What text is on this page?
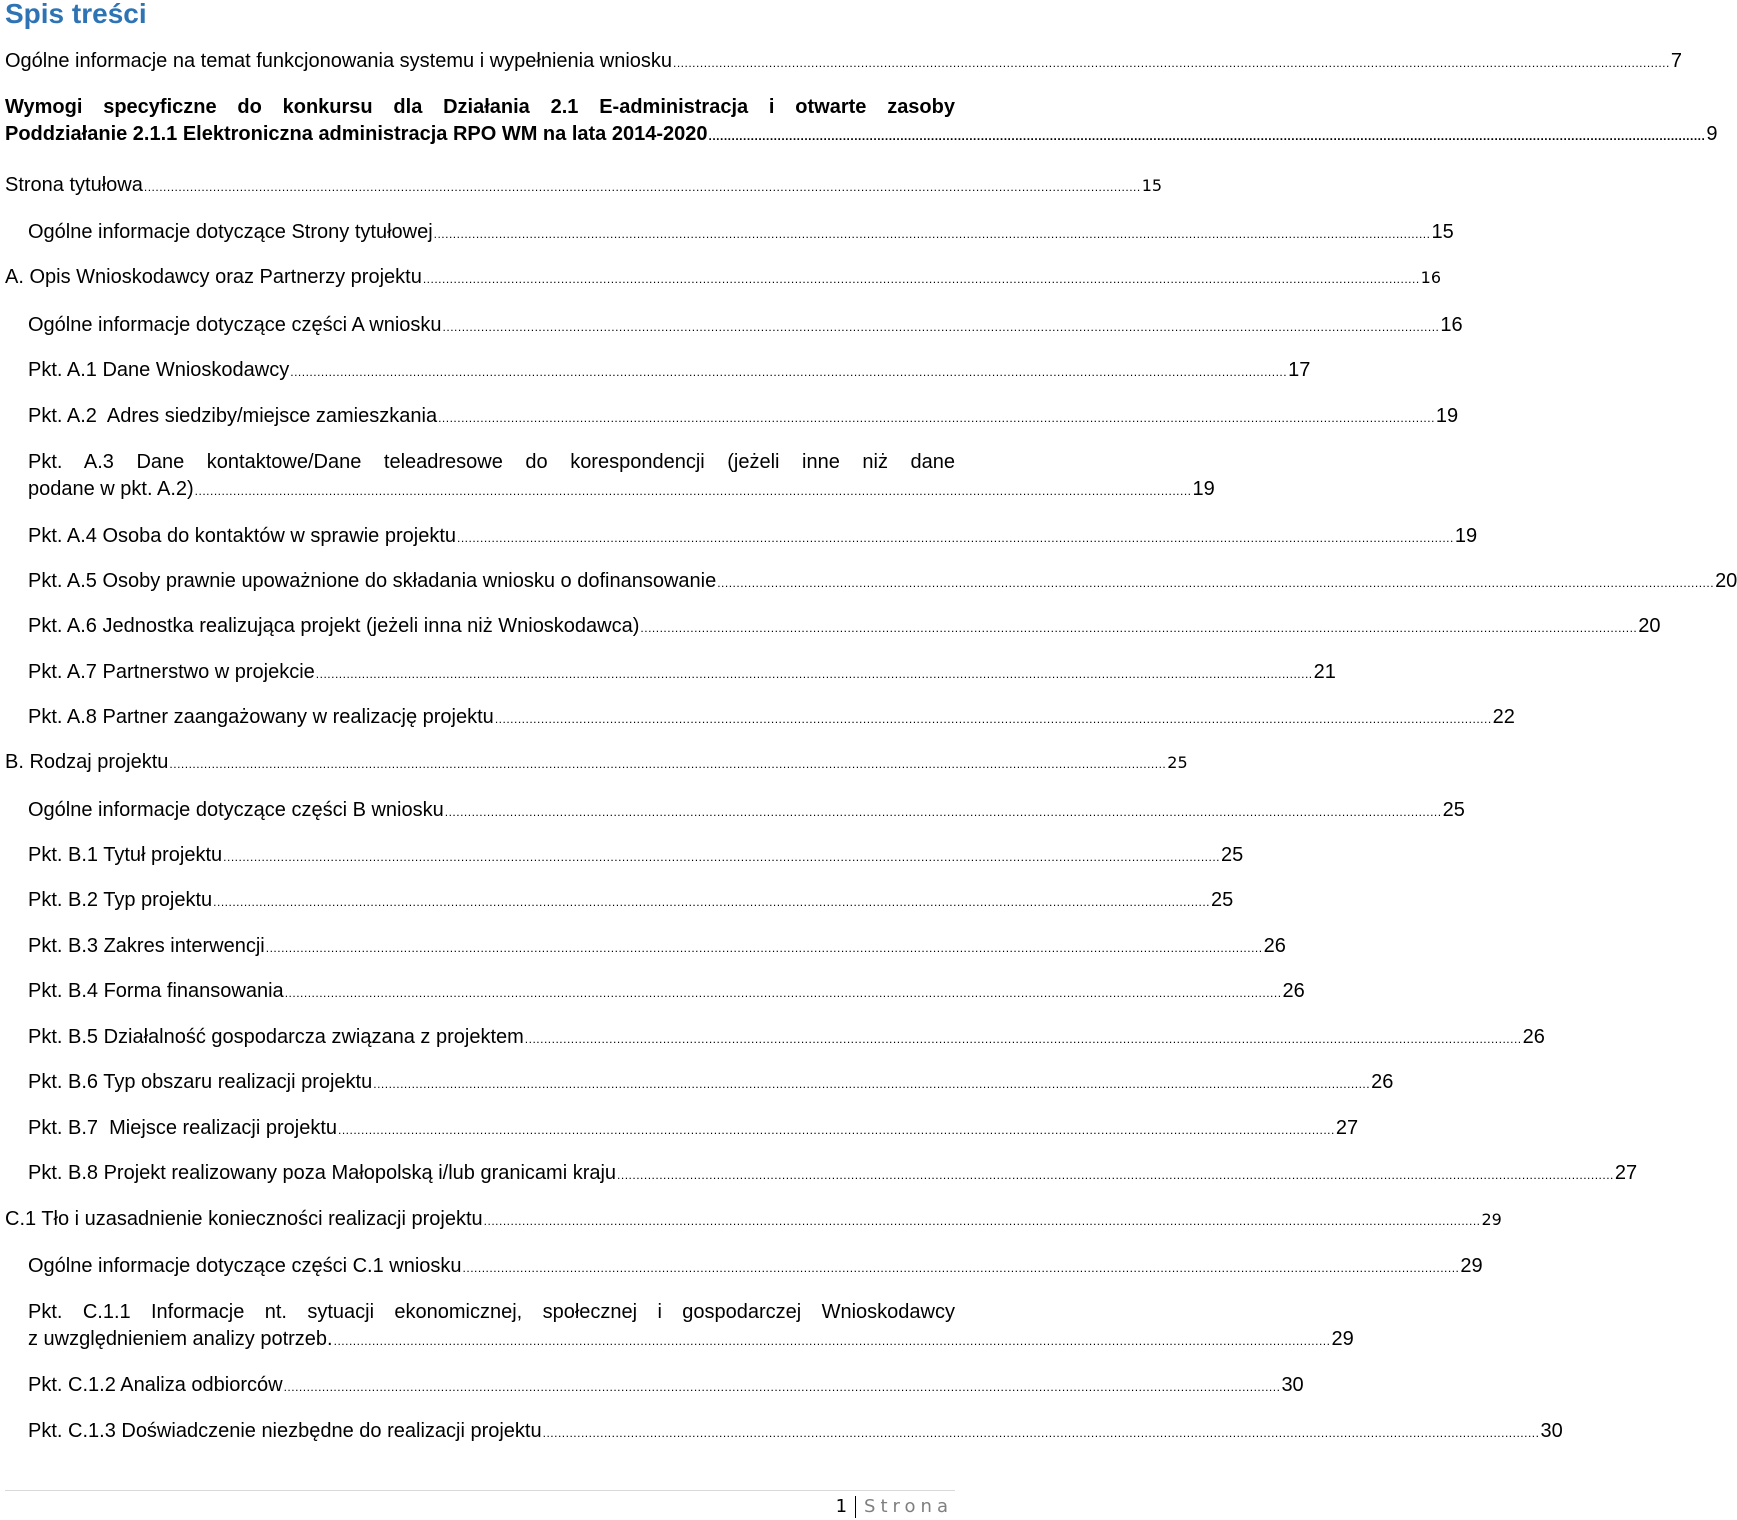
Spis treści
Ogólne informacje na temat funkcjonowania systemu i wypełnienia wniosku .................................................................................................................................................................................................................................................................... 7
Wymogi specyficzne do konkursu dla Działania 2.1 E-administracja i otwarte zasoby
Poddziałanie 2.1.1 Elektroniczna administracja RPO WM na lata 2014-2020 .................................................................................................................................................................................................................................................................... 9
Strona tytułowa .................................................................................................................................................................................................................................................................... 15
Ogólne informacje dotyczące Strony tytułowej .................................................................................................................................................................................................................................................................... 15
A. Opis Wnioskodawcy oraz Partnerzy projektu .................................................................................................................................................................................................................................................................... 16
Ogólne informacje dotyczące części A wniosku .................................................................................................................................................................................................................................................................... 16
Pkt. A.1 Dane Wnioskodawcy .................................................................................................................................................................................................................................................................... 17
Pkt. A.2  Adres siedziby/miejsce zamieszkania .................................................................................................................................................................................................................................................................... 19
Pkt. A.3 Dane kontaktowe/Dane teleadresowe do korespondencji (jeżeli inne niż dane
podane w pkt. A.2) .................................................................................................................................................................................................................................................................... 19
Pkt. A.4 Osoba do kontaktów w sprawie projektu .................................................................................................................................................................................................................................................................... 19
Pkt. A.5 Osoby prawnie upoważnione do składania wniosku o dofinansowanie .................................................................................................................................................................................................................................................................... 20
Pkt. A.6 Jednostka realizująca projekt (jeżeli inna niż Wnioskodawca) .................................................................................................................................................................................................................................................................... 20
Pkt. A.7 Partnerstwo w projekcie .................................................................................................................................................................................................................................................................... 21
Pkt. A.8 Partner zaangażowany w realizację projektu .................................................................................................................................................................................................................................................................... 22
B. Rodzaj projektu .................................................................................................................................................................................................................................................................... 25
Ogólne informacje dotyczące części B wniosku .................................................................................................................................................................................................................................................................... 25
Pkt. B.1 Tytuł projektu .................................................................................................................................................................................................................................................................... 25
Pkt. B.2 Typ projektu .................................................................................................................................................................................................................................................................... 25
Pkt. B.3 Zakres interwencji .................................................................................................................................................................................................................................................................... 26
Pkt. B.4 Forma finansowania .................................................................................................................................................................................................................................................................... 26
Pkt. B.5 Działalność gospodarcza związana z projektem .................................................................................................................................................................................................................................................................... 26
Pkt. B.6 Typ obszaru realizacji projektu .................................................................................................................................................................................................................................................................... 26
Pkt. B.7  Miejsce realizacji projektu .................................................................................................................................................................................................................................................................... 27
Pkt. B.8 Projekt realizowany poza Małopolską i/lub granicami kraju .................................................................................................................................................................................................................................................................... 27
C.1 Tło i uzasadnienie konieczności realizacji projektu .................................................................................................................................................................................................................................................................... 29
Ogólne informacje dotyczące części C.1 wniosku .................................................................................................................................................................................................................................................................... 29
Pkt. C.1.1 Informacje nt. sytuacji ekonomicznej, społecznej i gospodarczej Wnioskodawcy
z uwzględnieniem analizy potrzeb. .................................................................................................................................................................................................................................................................... 29
Pkt. C.1.2 Analiza odbiorców .................................................................................................................................................................................................................................................................... 30
Pkt. C.1.3 Doświadczenie niezbędne do realizacji projektu .................................................................................................................................................................................................................................................................... 30
1 Strona
